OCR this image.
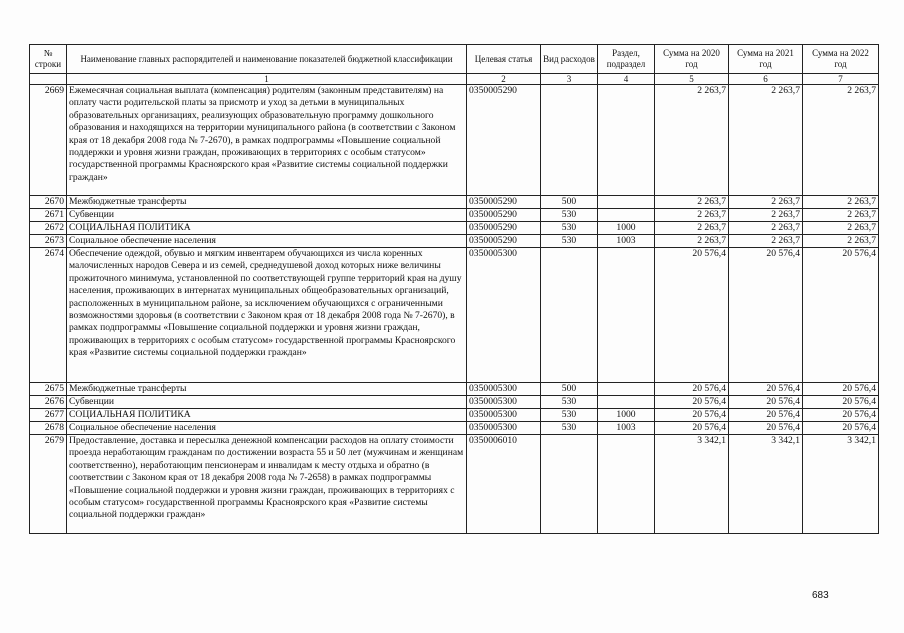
№ строки	Наименование главных распорядителей и наименование показателей бюджетной классификации	Целевая статья	Вид расходов	Раздел, подраздел	Сумма на 2020 год	Сумма на 2021 год	Сумма на 2022 год
	1	2	3	4	5	6	7
2669	Ежемесячная социальная выплата (компенсация) родителям (законным представителям) на оплату части родительской платы за присмотр и уход за детьми в муниципальных образовательных организациях, реализующих образовательную программу дошкольного образования и находящихся на территории муниципального района (в соответствии с Законом края от 18 декабря 2008 года № 7-2670), в рамках подпрограммы «Повышение социальной поддержки и уровня жизни граждан, проживающих в территориях с особым статусом» государственной программы Красноярского края «Развитие системы социальной поддержки граждан»	0350005290			2 263,7	2 263,7	2 263,7
2670	Межбюджетные трансферты	0350005290	500		2 263,7	2 263,7	2 263,7
2671	Субвенции	0350005290	530		2 263,7	2 263,7	2 263,7
2672	СОЦИАЛЬНАЯ ПОЛИТИКА	0350005290	530	1000	2 263,7	2 263,7	2 263,7
2673	Социальное обеспечение населения	0350005290	530	1003	2 263,7	2 263,7	2 263,7
2674	Обеспечение одеждой, обувью и мягким инвентарем обучающихся из числа коренных малочисленных народов Севера и из семей, среднедушевой доход которых ниже величины прожиточного минимума, установленной по соответствующей группе территорий края на душу населения, проживающих в интернатах муниципальных общеобразовательных организаций, расположенных в муниципальном районе, за исключением обучающихся с ограниченными возможностями здоровья (в соответствии с Законом края от 18 декабря 2008 года № 7-2670), в рамках подпрограммы «Повышение социальной поддержки и уровня жизни граждан, проживающих в территориях с особым статусом» государственной программы Красноярского края «Развитие системы социальной поддержки граждан»	0350005300			20 576,4	20 576,4	20 576,4
2675	Межбюджетные трансферты	0350005300	500		20 576,4	20 576,4	20 576,4
2676	Субвенции	0350005300	530		20 576,4	20 576,4	20 576,4
2677	СОЦИАЛЬНАЯ ПОЛИТИКА	0350005300	530	1000	20 576,4	20 576,4	20 576,4
2678	Социальное обеспечение населения	0350005300	530	1003	20 576,4	20 576,4	20 576,4
2679	Предоставление, доставка и пересылка денежной компенсации расходов на оплату стоимости проезда неработающим гражданам по достижении возраста 55 и 50 лет (мужчинам и женщинам соответственно), неработающим пенсионерам и инвалидам к месту отдыха и обратно (в соответствии с Законом края от 18 декабря 2008 года № 7-2658) в рамках подпрограммы «Повышение социальной поддержки и уровня жизни граждан, проживающих в территориях с особым статусом» государственной программы Красноярского края «Развитие системы социальной поддержки граждан»	0350006010			3 342,1	3 342,1	3 342,1
683
